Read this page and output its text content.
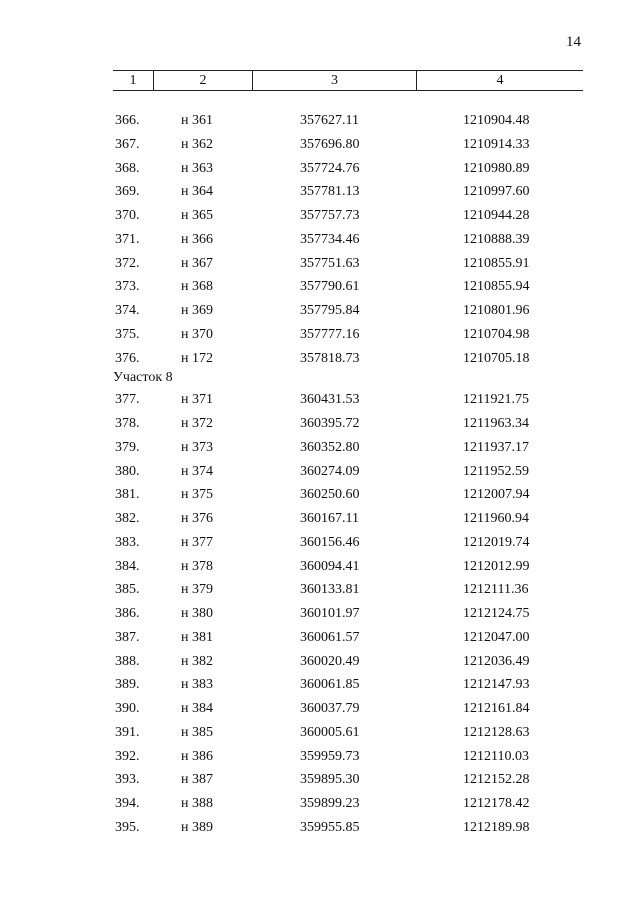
14
1	2	3	4
366.	н 361	357627.11	1210904.48
367.	н 362	357696.80	1210914.33
368.	н 363	357724.76	1210980.89
369.	н 364	357781.13	1210997.60
370.	н 365	357757.73	1210944.28
371.	н 366	357734.46	1210888.39
372.	н 367	357751.63	1210855.91
373.	н 368	357790.61	1210855.94
374.	н 369	357795.84	1210801.96
375.	н 370	357777.16	1210704.98
376.	н 172	357818.73	1210705.18
Участок 8
377.	н 371	360431.53	1211921.75
378.	н 372	360395.72	1211963.34
379.	н 373	360352.80	1211937.17
380.	н 374	360274.09	1211952.59
381.	н 375	360250.60	1212007.94
382.	н 376	360167.11	1211960.94
383.	н 377	360156.46	1212019.74
384.	н 378	360094.41	1212012.99
385.	н 379	360133.81	1212111.36
386.	н 380	360101.97	1212124.75
387.	н 381	360061.57	1212047.00
388.	н 382	360020.49	1212036.49
389.	н 383	360061.85	1212147.93
390.	н 384	360037.79	1212161.84
391.	н 385	360005.61	1212128.63
392.	н 386	359959.73	1212110.03
393.	н 387	359895.30	1212152.28
394.	н 388	359899.23	1212178.42
395.	н 389	359955.85	1212189.98
